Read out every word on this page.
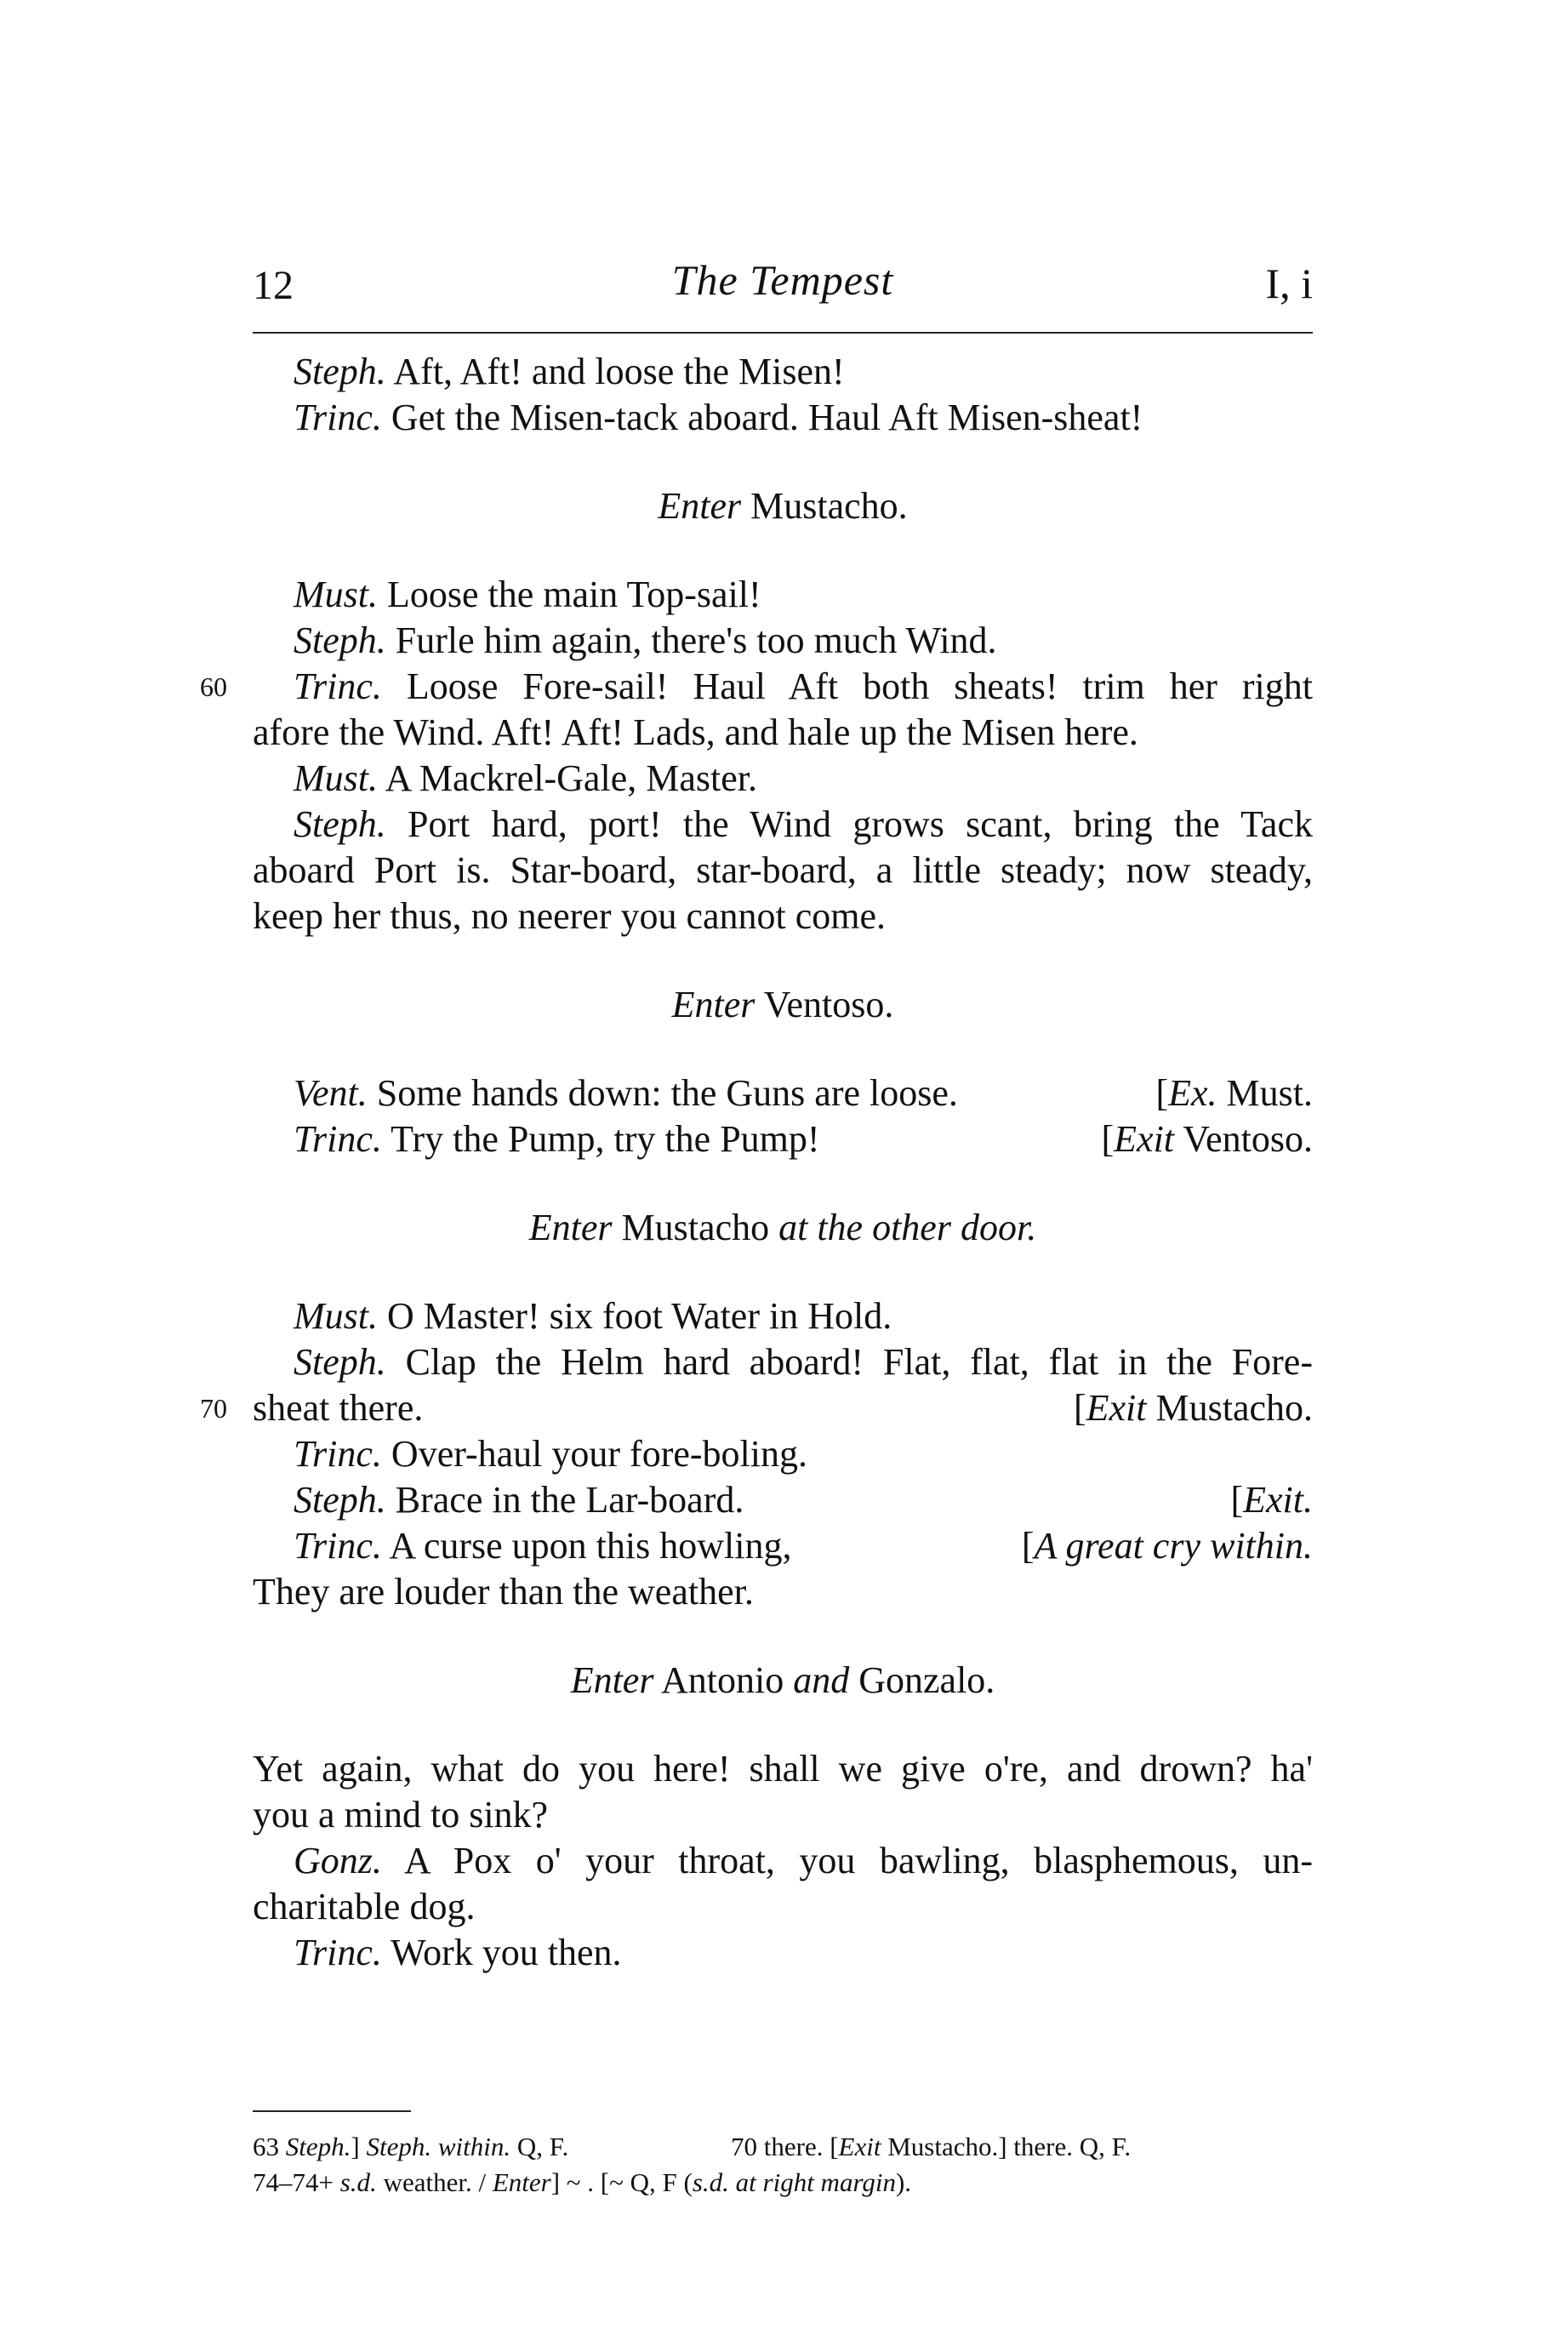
12	The Tempest	I, i
Steph. Aft, Aft! and loose the Misen!
Trinc. Get the Misen-tack aboard. Haul Aft Misen-sheat!
Enter Mustacho.
Must. Loose the main Top-sail!
Steph. Furle him again, there's too much Wind.
60 Trinc. Loose Fore-sail! Haul Aft both sheats! trim her right
afore the Wind. Aft! Aft! Lads, and hale up the Misen here.
Must. A Mackrel-Gale, Master.
Steph. Port hard, port! the Wind grows scant, bring the Tack
aboard Port is. Star-board, star-board, a little steady; now steady,
keep her thus, no neerer you cannot come.
Enter Ventoso.
Vent. Some hands down: the Guns are loose.	[Ex. Must.
Trinc. Try the Pump, try the Pump!	[Exit Ventoso.
Enter Mustacho at the other door.
Must. O Master! six foot Water in Hold.
Steph. Clap the Helm hard aboard! Flat, flat, flat in the Fore-
70 sheat there.	[Exit Mustacho.
Trinc. Over-haul your fore-boling.
Steph. Brace in the Lar-board.	[Exit.
Trinc. A curse upon this howling,	[A great cry within.
They are louder than the weather.
Enter Antonio and Gonzalo.
Yet again, what do you here! shall we give o're, and drown? ha'
you a mind to sink?
Gonz. A Pox o' your throat, you bawling, blasphemous, un-
charitable dog.
Trinc. Work you then.
63 Steph.] Steph. within. Q, F.	70 there. [Exit Mustacho.] there. Q, F.
74–74+ s.d. weather. / Enter] ~ . [~ Q, F (s.d. at right margin).
